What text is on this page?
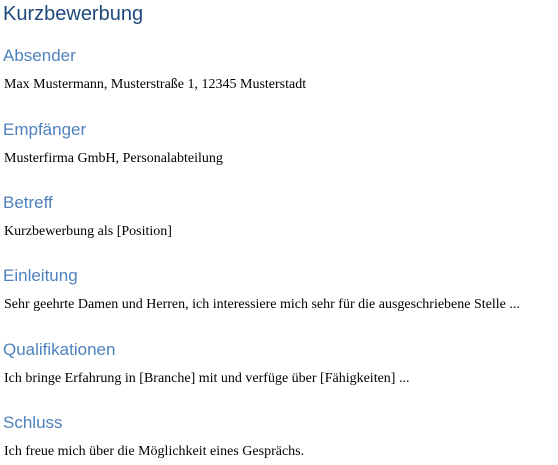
Kurzbewerbung
Absender

Max Mustermann, Musterstraße 1, 12345 Musterstadt

Empfänger

Musterfirma GmbH, Personalabteilung

Betreff

Kurzbewerbung als [Position]

Einleitung

Sehr geehrte Damen und Herren, ich interessiere mich sehr für die ausgeschriebene Stelle ...

Qualifikationen

Ich bringe Erfahrung in [Branche] mit und verfüge über [Fähigkeiten] ...

Schluss

Ich freue mich über die Möglichkeit eines Gesprächs.
